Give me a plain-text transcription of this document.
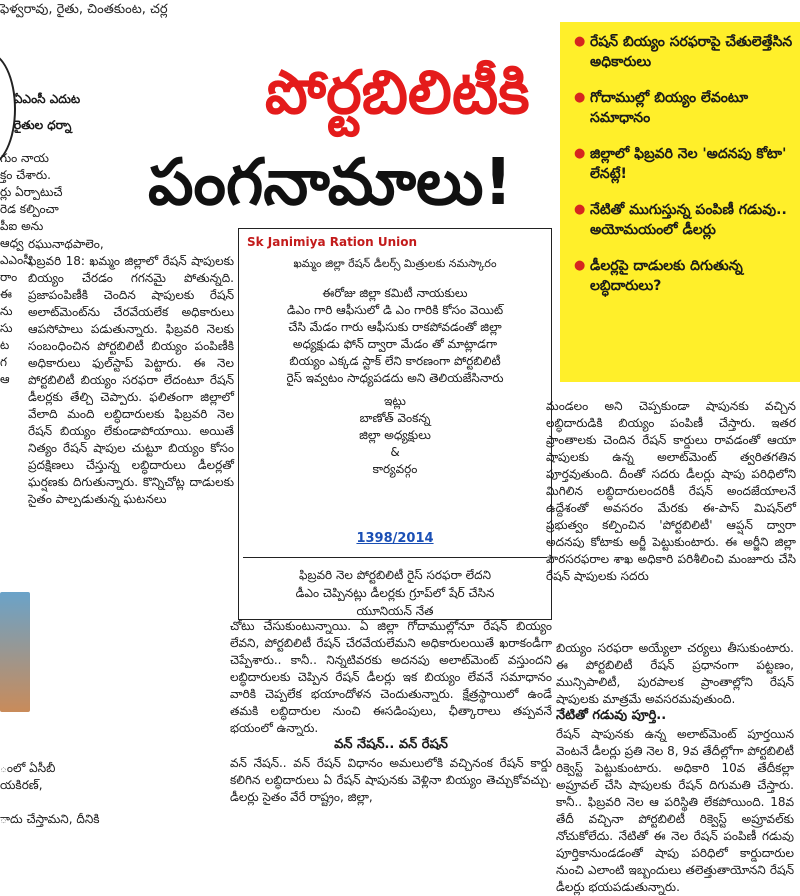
ఫెళ్వరావు, రైతు, చింతకుంట, చర్ల
ఏఎంసీ ఎదుట
రైతుల ధర్నా

గుం నాయ
క్తం చేశారు.
ర్లు ఏర్పాటుచే
రెడ కల్పించా
పీఐ అను
ఆధ్వ
ఎఎంసీ
రాం
ఈ
ను
సు
ట
గ
ఆ

ంలో ఏసీబీ
యకిరణ్,

ాదు చేస్తామని, దీనికి

పోర్టబిలిటీకి
పంగనామాలు!
● రేషన్ బియ్యం సరఫరాపై చేతులెత్తేసిన అధికారులు
● గోదాముల్లో బియ్యం లేవంటూ సమాధానం
● జిల్లాలో ఫిబ్రవరి నెల 'అదనపు కోటా' లేనట్లే!
● నేటితో ముగుస్తున్న పంపిణీ గడువు.. అయోమయంలో డీలర్లు
● డీలర్లపై దాడులకు దిగుతున్న లబ్ధిదారులు?
Sk Janimiya Ration Union
ఖమ్మం జిల్లా రేషన్ డీలర్స్ మిత్రులకు నమస్కారం
ఈరోజు జిల్లా కమిటీ నాయకులు
డిఎం గారి ఆఫీసులో డి ఎం గారికి కోసం వెయిట్
చేసి మేడం గారు ఆఫీసుకు రాకపోవడంతో జిల్లా
అధ్యక్షుడు ఫోన్ ద్వారా మేడం తో మాట్లాడగా
బియ్యం ఎక్కడ స్టాక్ లేని కారణంగా పోర్టబిలిటీ
రైస్ ఇవ్వటం సాధ్యపడదు అని తెలియజేసినారు
ఇట్లు
బాణోత్ వెంకన్న
జిల్లా అధ్యక్షులు
&
కార్యవర్గం
1398/2014
ఫిబ్రవరి నెల పోర్టబిలిటీ రైస్ సరఫరా లేదని
డీఎం చెప్పినట్లు డీలర్లకు గ్రూప్‌లో షేర్ చేసిన
యూనియన్ నేత

రఘునాథపాలెం,
ఫిబ్రవరి 18: ఖమ్మం జిల్లాలో రేషన్ షాపులకు బియ్యం చేరడం గగనమై పోతున్నది. ప్రజాపంపిణీకి చెందిన షాపులకు రేషన్ అలాట్‌మెంట్‌ను చేరవేయలేక అధికారులు ఆపసోపాలు పడుతున్నారు. ఫిబ్రవరి నెలకు సంబంధించిన పోర్టబిలిటీ బియ్యం పంపిణీకి అధికారులు ఫుల్‌స్టాప్ పెట్టారు. ఈ నెల పోర్టబిలిటీ బియ్యం సరఫరా లేదంటూ రేషన్ డీలర్లకు తేల్చి చెప్పారు. ఫలితంగా జిల్లాలో వేలాది మంది లబ్ధిదారులకు ఫిబ్రవరి నెల రేషన్ బియ్యం లేకుండాపోయాయి. అయితే నిత్యం రేషన్ షాపుల చుట్టూ బియ్యం కోసం ప్రదక్షిణలు చేస్తున్న లబ్ధిదారులు డీలర్లతో ఘర్షణకు దిగుతున్నారు. కొన్నిచోట్ల దాడులకు సైతం పాల్పడుతున్న ఘటనలు

చోటు చేసుకుంటున్నాయి. ఏ జిల్లా గోదాముల్లోనూ రేషన్ బియ్యం లేవని, పోర్టబిలిటీ రేషన్ చేరవేయలేమని అధికారులయితే ఖరాకండీగా చెప్పేశారు.. కానీ.. నిన్నటివరకు అదనపు అలాట్‌మెంట్ వస్తుందని లబ్ధిదారులకు చెప్పిన రేషన్ డీలర్లు ఇక బియ్యం లేవనే సమాధానం వారికి చెప్పలేక భయాందోళన చెందుతున్నారు. క్షేత్రస్థాయిలో ఉండే తమకి లబ్ధిదారుల నుంచి ఈసడింపులు, ఛీత్కారాలు తప్పవనే భయంలో ఉన్నారు.

వన్ నేషన్.. వన్ రేషన్

వన్ నేషన్.. వన్ రేషన్ విధానం అమలులోకి వచ్చినంక రేషన్ కార్డు కలిగిన లబ్ధిదారులు ఏ రేషన్ షాపునకు వెళ్లినా బియ్యం తెచ్చుకోవచ్చు. డీలర్లు సైతం వేరే రాష్ట్రం, జిల్లా,

మండలం అని చెప్పకుండా షాపునకు వచ్చిన లబ్ధిదారుడికి బియ్యం పంపిణీ చేస్తారు. ఇతర ప్రాంతాలకు చెందిన రేషన్ కార్డులు రావడంతో ఆయా షాపులకు ఉన్న అలాట్‌మెంట్ త్వరితగతిన పూర్తవుతుంది. దీంతో సదరు డీలర్లు షాపు పరిధిలోని మిగిలిన లబ్ధిదారులందరికీ రేషన్ అందజేయాలనే ఉద్దేశంతో అవసరం మేరకు ఈ-పాస్ మిషన్‌లో ప్రభుత్వం కల్పించిన 'పోర్టబిలిటీ' ఆప్షన్ ద్వారా అదనపు కోటాకు అర్జీ పెట్టుకుంటారు. ఈ అర్జీని జిల్లా పౌరసరఫరాల శాఖ అధికారి పరిశీలించి మంజూరు చేసి రేషన్ షాపులకు సదరు

బియ్యం సరఫరా అయ్యేలా చర్యలు తీసుకుంటారు. ఈ పోర్టబిలిటీ రేషన్ ప్రధానంగా పట్టణం, మున్సిపాలిటీ, పురపాలక ప్రాంతాల్లోని రేషన్ షాపులకు మాత్రమే అవసరమవుతుంది.

నేటితో గడువు పూర్తి..

రేషన్ షాపునకు ఉన్న అలాట్‌మెంట్ పూర్తయిన వెంటనే డీలర్లు ప్రతి నెల 8, 9వ తేదీల్లోగా పోర్టబిలిటీ రిక్వెస్ట్ పెట్టుకుంటారు. అధికారి 10వ తేదీకల్లా అప్రూవల్ చేసి షాపులకు రేషన్ దిగుమతి చేస్తారు. కానీ.. ఫిబ్రవరి నెల ఆ పరిస్థితి లేకపోయింది. 18వ తేదీ వచ్చినా పోర్టబిలిటీ రిక్వెస్ట్ అప్రూవల్‌కు నోచుకోలేదు. నేటితో ఈ నెల రేషన్ పంపిణీ గడువు పూర్తికానుండడంతో షాపు పరిధిలో కార్డుదారుల నుంచి ఎలాంటి ఇబ్బందులు తలెత్తుతాయోనని రేషన్ డీలర్లు భయపడుతున్నారు.
